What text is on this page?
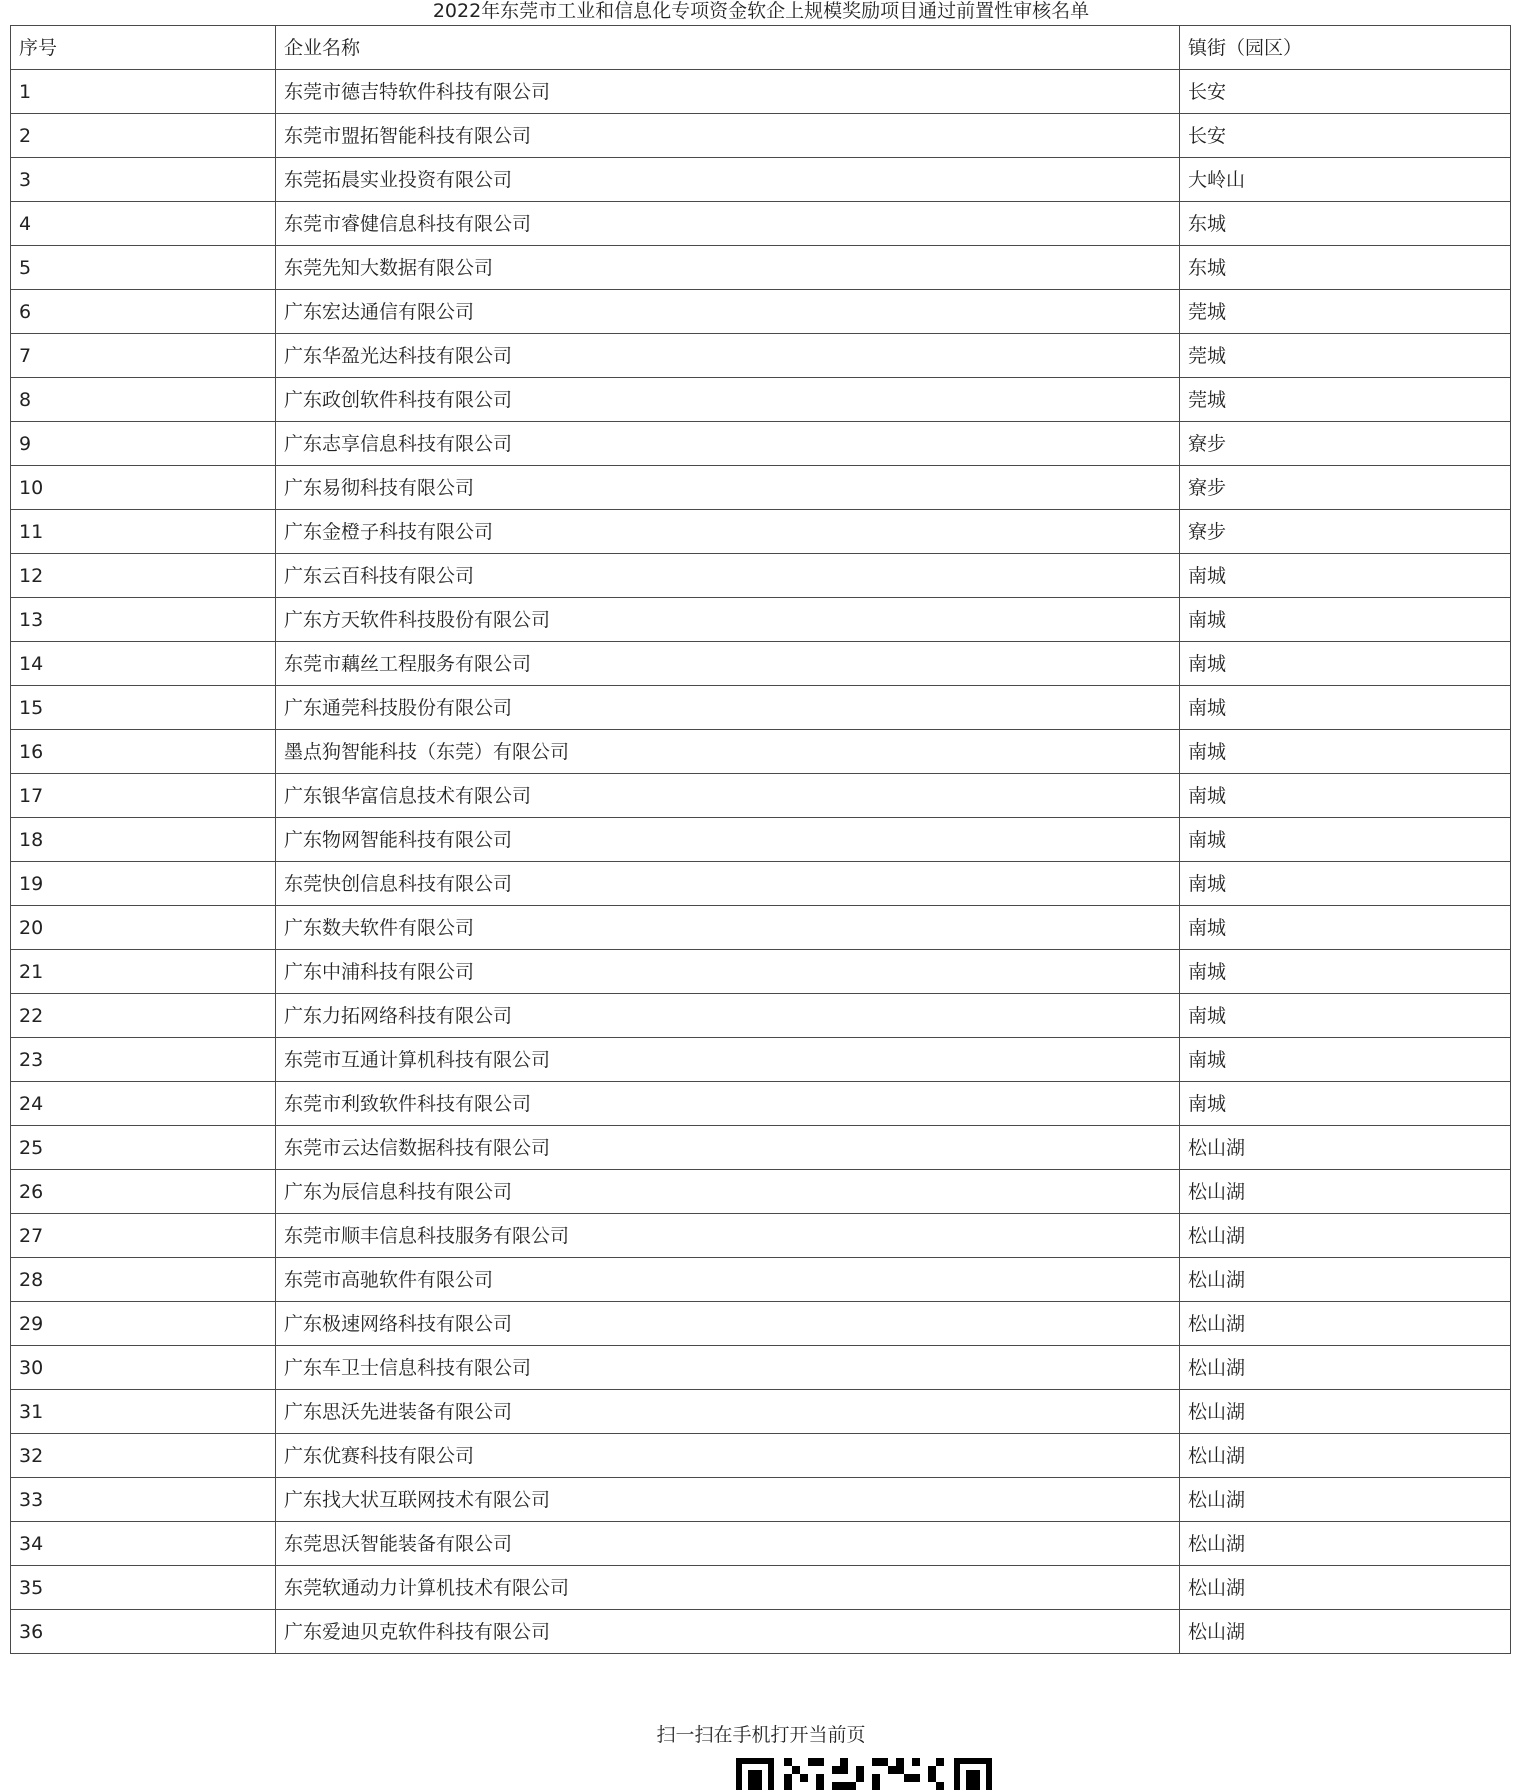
2022年东莞市工业和信息化专项资金软企上规模奖励项目通过前置性审核名单
序号	企业名称	镇街（园区）
1	东莞市德吉特软件科技有限公司	长安
2	东莞市盟拓智能科技有限公司	长安
3	东莞拓晨实业投资有限公司	大岭山
4	东莞市睿健信息科技有限公司	东城
5	东莞先知大数据有限公司	东城
6	广东宏达通信有限公司	莞城
7	广东华盈光达科技有限公司	莞城
8	广东政创软件科技有限公司	莞城
9	广东志享信息科技有限公司	寮步
10	广东易彻科技有限公司	寮步
11	广东金橙子科技有限公司	寮步
12	广东云百科技有限公司	南城
13	广东方天软件科技股份有限公司	南城
14	东莞市藕丝工程服务有限公司	南城
15	广东通莞科技股份有限公司	南城
16	墨点狗智能科技（东莞）有限公司	南城
17	广东银华富信息技术有限公司	南城
18	广东物网智能科技有限公司	南城
19	东莞快创信息科技有限公司	南城
20	广东数夫软件有限公司	南城
21	广东中浦科技有限公司	南城
22	广东力拓网络科技有限公司	南城
23	东莞市互通计算机科技有限公司	南城
24	东莞市利致软件科技有限公司	南城
25	东莞市云达信数据科技有限公司	松山湖
26	广东为辰信息科技有限公司	松山湖
27	东莞市顺丰信息科技服务有限公司	松山湖
28	东莞市高驰软件有限公司	松山湖
29	广东极速网络科技有限公司	松山湖
30	广东车卫士信息科技有限公司	松山湖
31	广东思沃先进装备有限公司	松山湖
32	广东优赛科技有限公司	松山湖
33	广东找大状互联网技术有限公司	松山湖
34	东莞思沃智能装备有限公司	松山湖
35	东莞软通动力计算机技术有限公司	松山湖
36	广东爱迪贝克软件科技有限公司	松山湖
扫一扫在手机打开当前页
